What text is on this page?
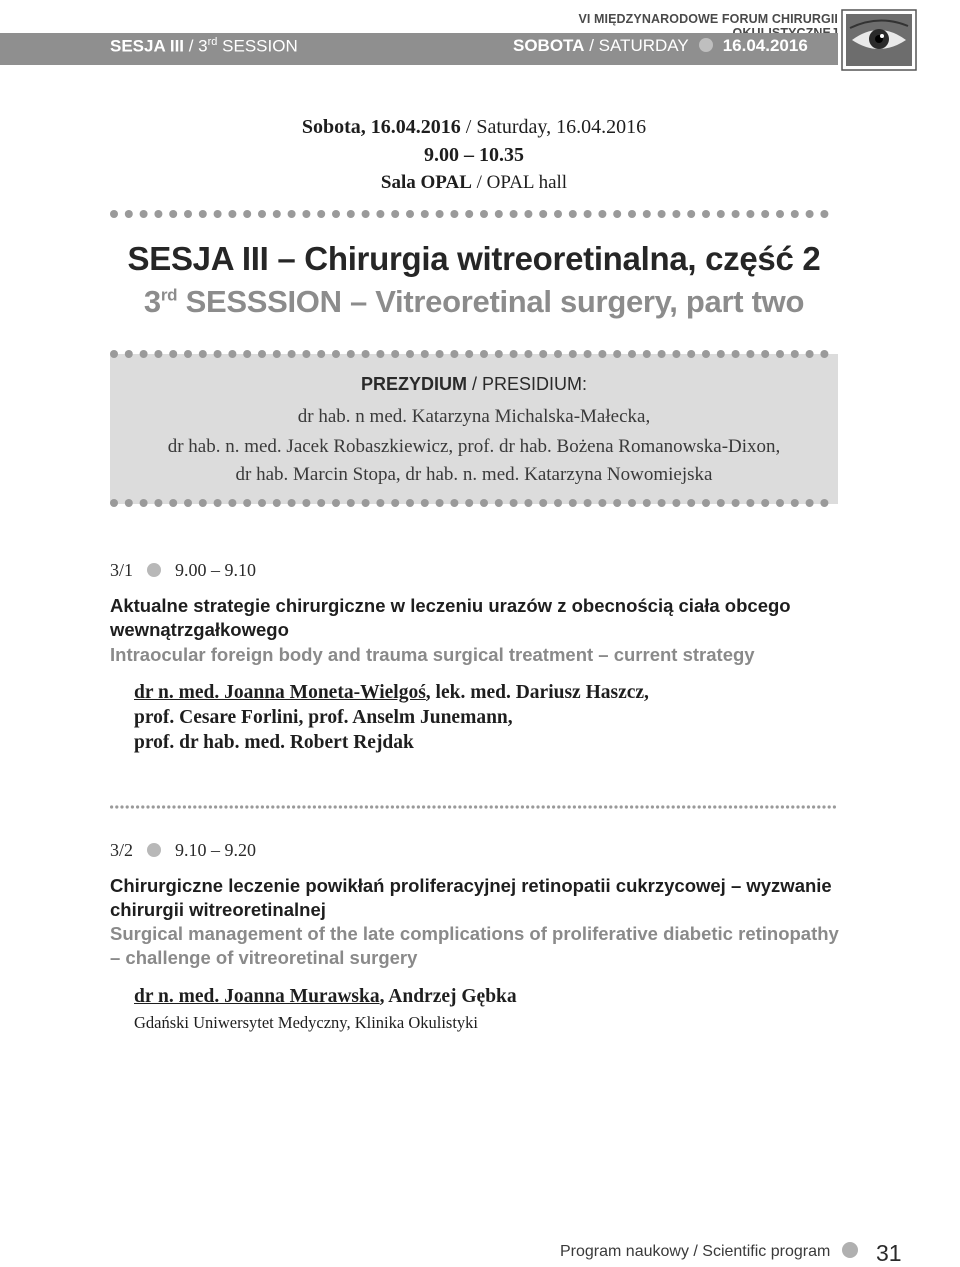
VI MIĘDZYNARODOWE FORUM CHIRURGII
SESJA III / 3rd SESSION	SOBOTA / SATURDAY 16.04.2016
Sobota, 16.04.2016 / Saturday, 16.04.2016
9.00 – 10.35
Sala OPAL / OPAL hall
SESJA III – Chirurgia witreoretinalna, część 2
3rd SESSSION – Vitreoretinal surgery, part two
PREZYDIUM / PRESIDIUM:
dr hab. n med. Katarzyna Michalska-Małecka,
dr hab. n. med. Jacek Robaszkiewicz, prof. dr hab. Bożena Romanowska-Dixon,
dr hab. Marcin Stopa, dr hab. n. med. Katarzyna Nowomiejska
3/1 9.00 – 9.10
Aktualne strategie chirurgiczne w leczeniu urazów z obecnością ciała obcego wewnątrzgałkowego
Intraocular foreign body and trauma surgical treatment – current strategy
dr n. med. Joanna Moneta-Wielgoś, lek. med. Dariusz Haszcz,
prof. Cesare Forlini, prof. Anselm Junemann,
prof. dr hab. med. Robert Rejdak
3/2 9.10 – 9.20
Chirurgiczne leczenie powikłań proliferacyjnej retinopatii cukrzycowej – wyzwanie chirurgii witreoretinalnej
Surgical management of the late complications of proliferative diabetic retinopathy – challenge of vitreoretinal surgery
dr n. med. Joanna Murawska, Andrzej Gębka
Gdański Uniwersytet Medyczny, Klinika Okulistyki
Program naukowy / Scientific program	31
